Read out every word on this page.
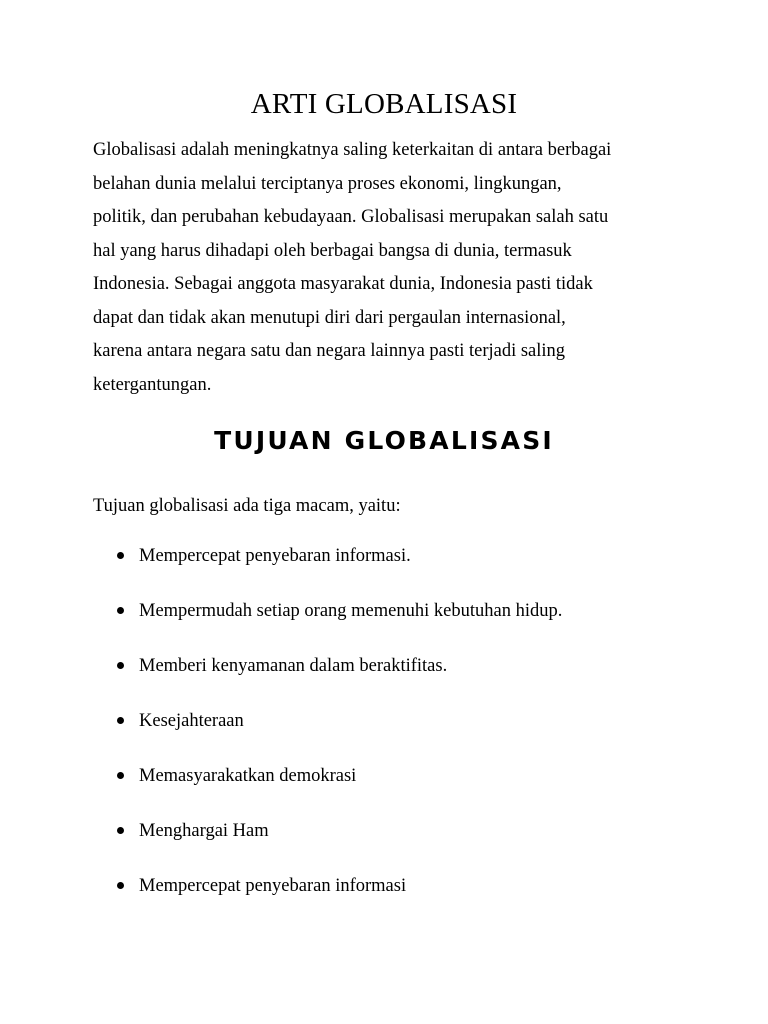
ARTI GLOBALISASI

Globalisasi adalah meningkatnya saling keterkaitan di antara berbagai
belahan dunia melalui terciptanya proses ekonomi, lingkungan,
politik, dan perubahan kebudayaan. Globalisasi merupakan salah satu
hal yang harus dihadapi oleh berbagai bangsa di dunia, termasuk
Indonesia. Sebagai anggota masyarakat dunia, Indonesia pasti tidak
dapat dan tidak akan menutupi diri dari pergaulan internasional,
karena antara negara satu dan negara lainnya pasti terjadi saling
ketergantungan.

TUJUAN GLOBALISASI

Tujuan globalisasi ada tiga macam, yaitu:

Mempercepat penyebaran informasi.
Mempermudah setiap orang memenuhi kebutuhan hidup.
Memberi kenyamanan dalam beraktifitas.
Kesejahteraan
Memasyarakatkan demokrasi
Menghargai Ham
Mempercepat penyebaran informasi
